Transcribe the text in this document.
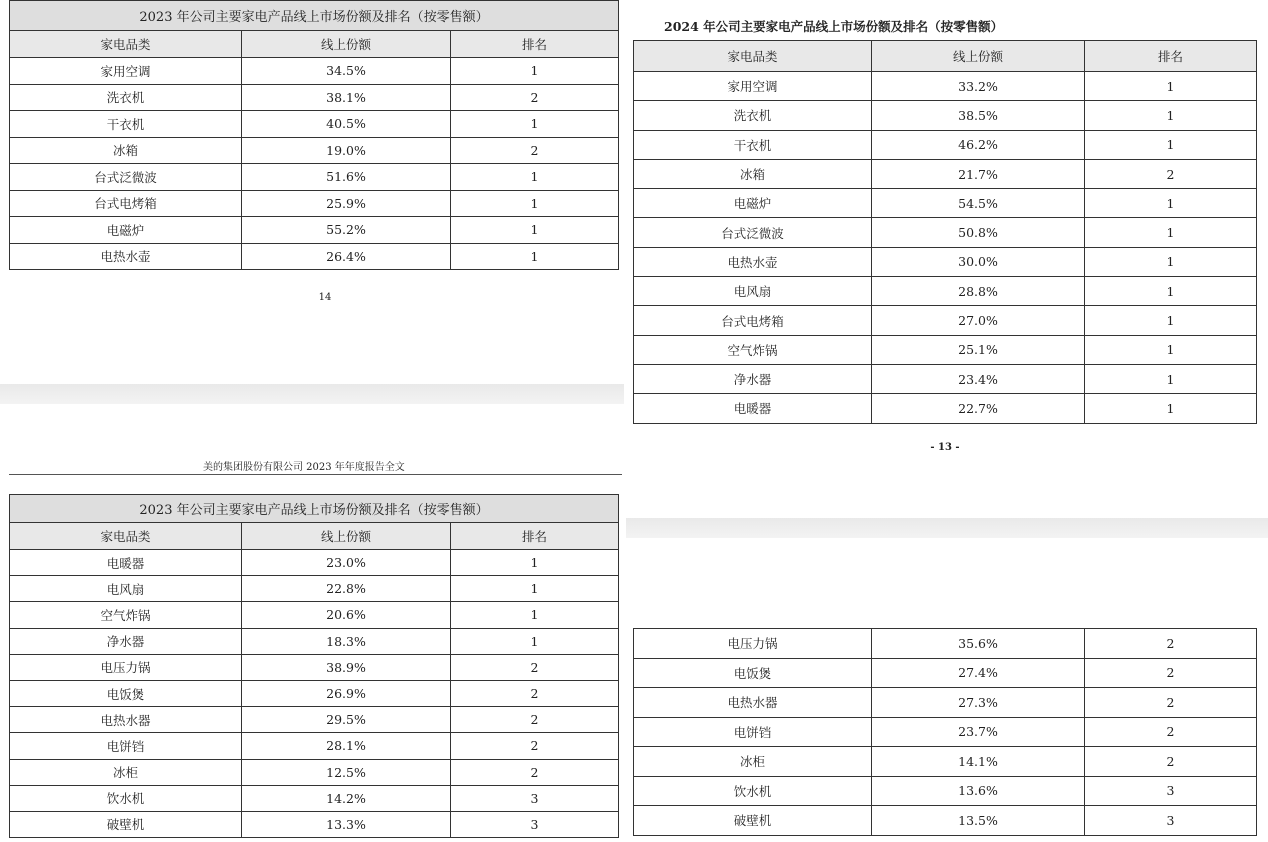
2023 年公司主要家电产品线上市场份额及排名（按零售额）		
家电品类	线上份额	排名
家用空调	34.5%	1
洗衣机	38.1%	2
干衣机	40.5%	1
冰箱	19.0%	2
台式泛微波	51.6%	1
台式电烤箱	25.9%	1
电磁炉	55.2%	1
电热水壶	26.4%	1
14
美的集团股份有限公司 2023 年年度报告全文
2023 年公司主要家电产品线上市场份额及排名（按零售额）		
家电品类	线上份额	排名
电暖器	23.0%	1
电风扇	22.8%	1
空气炸锅	20.6%	1
净水器	18.3%	1
电压力锅	38.9%	2
电饭煲	26.9%	2
电热水器	29.5%	2
电饼铛	28.1%	2
冰柜	12.5%	2
饮水机	14.2%	3
破壁机	13.3%	3
2024 年公司主要家电产品线上市场份额及排名（按零售额）
家电品类	线上份额	排名
家用空调	33.2%	1
洗衣机	38.5%	1
干衣机	46.2%	1
冰箱	21.7%	2
电磁炉	54.5%	1
台式泛微波	50.8%	1
电热水壶	30.0%	1
电风扇	28.8%	1
台式电烤箱	27.0%	1
空气炸锅	25.1%	1
净水器	23.4%	1
电暖器	22.7%	1
- 13 -
电压力锅	35.6%	2
电饭煲	27.4%	2
电热水器	27.3%	2
电饼铛	23.7%	2
冰柜	14.1%	2
饮水机	13.6%	3
破壁机	13.5%	3
